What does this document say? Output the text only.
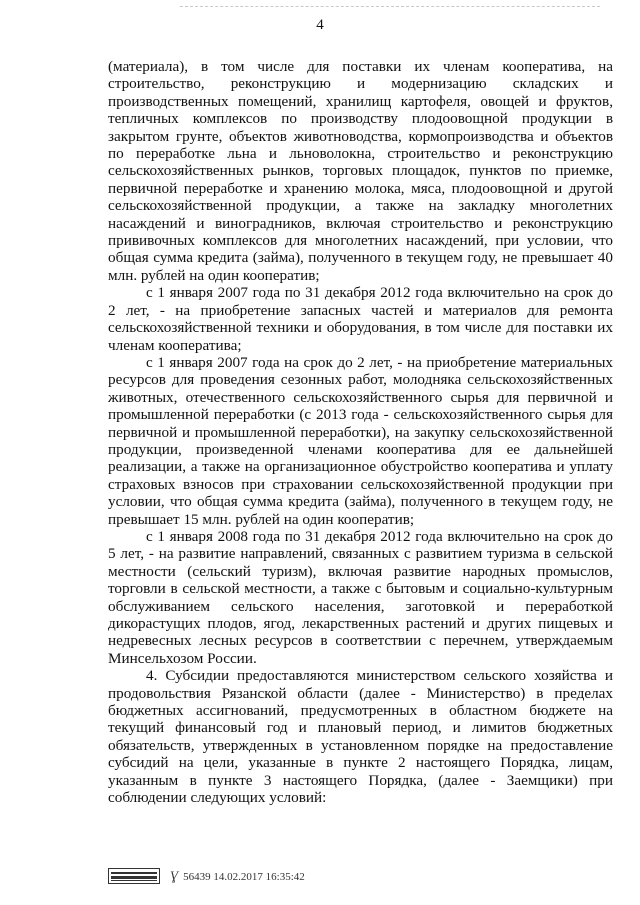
4

(материала), в том числе для поставки их членам кооператива, на строительство, реконструкцию и модернизацию складских и производственных помещений, хранилищ картофеля, овощей и фруктов, тепличных комплексов по производству плодоовощной продукции в закрытом грунте, объектов животноводства, кормопроизводства и объектов по переработке льна и льноволокна, строительство и реконструкцию сельскохозяйственных рынков, торговых площадок, пунктов по приемке, первичной переработке и хранению молока, мяса, плодоовощной и другой сельскохозяйственной продукции, а также на закладку многолетних насаждений и виноградников, включая строительство и реконструкцию прививочных комплексов для многолетних насаждений, при условии, что общая сумма кредита (займа), полученного в текущем году, не превышает 40 млн. рублей на один кооператив;

с 1 января 2007 года по 31 декабря 2012 года включительно на срок до 2 лет, - на приобретение запасных частей и материалов для ремонта сельскохозяйственной техники и оборудования, в том числе для поставки их членам кооператива;

с 1 января 2007 года на срок до 2 лет, - на приобретение материальных ресурсов для проведения сезонных работ, молодняка сельскохозяйственных животных, отечественного сельскохозяйственного сырья для первичной и промышленной переработки (с 2013 года - сельскохозяйственного сырья для первичной и промышленной переработки), на закупку сельскохозяйственной продукции, произведенной членами кооператива для ее дальнейшей реализации, а также на организационное обустройство кооператива и уплату страховых взносов при страховании сельскохозяйственной продукции при условии, что общая сумма кредита (займа), полученного в текущем году, не превышает 15 млн. рублей на один кооператив;

с 1 января 2008 года по 31 декабря 2012 года включительно на срок до 5 лет, - на развитие направлений, связанных с развитием туризма в сельской местности (сельский туризм), включая развитие народных промыслов, торговли в сельской местности, а также с бытовым и социально-культурным обслуживанием сельского населения, заготовкой и переработкой дикорастущих плодов, ягод, лекарственных растений и других пищевых и недревесных лесных ресурсов в соответствии с перечнем, утверждаемым Минсельхозом России.

4. Субсидии предоставляются министерством сельского хозяйства и продовольствия Рязанской области (далее - Министерство) в пределах бюджетных ассигнований, предусмотренных в областном бюджете на текущий финансовый год и плановый период, и лимитов бюджетных обязательств, утвержденных в установленном порядке на предоставление субсидий на цели, указанные в пункте 2 настоящего Порядка, лицам, указанным в пункте 3 настоящего Порядка, (далее - Заемщики) при соблюдении следующих условий:

Ɣ 56439 14.02.2017 16:35:42
